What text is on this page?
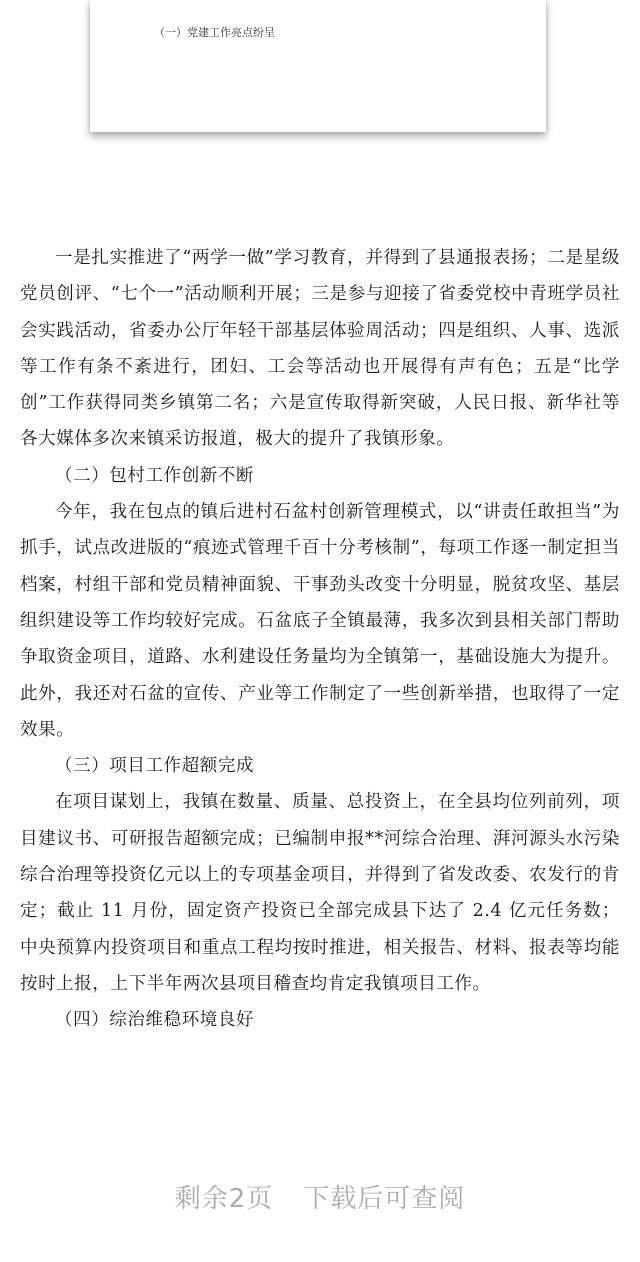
（一）党建工作亮点纷呈

一是扎实推进了“两学一做”学习教育，并得到了县通报表扬；二是星级党员创评、“七个一”活动顺利开展；三是参与迎接了省委党校中青班学员社会实践活动，省委办公厅年轻干部基层体验周活动；四是组织、人事、选派等工作有条不紊进行，团妇、工会等活动也开展得有声有色；五是“比学创”工作获得同类乡镇第二名；六是宣传取得新突破，人民日报、新华社等各大媒体多次来镇采访报道，极大的提升了我镇形象。

（二）包村工作创新不断

今年，我在包点的镇后进村石盆村创新管理模式，以“讲责任敢担当”为抓手，试点改进版的“痕迹式管理千百十分考核制”，每项工作逐一制定担当档案，村组干部和党员精神面貌、干事劲头改变十分明显，脱贫攻坚、基层组织建设等工作均较好完成。石盆底子全镇最薄，我多次到县相关部门帮助争取资金项目，道路、水利建设任务量均为全镇第一，基础设施大为提升。此外，我还对石盆的宣传、产业等工作制定了一些创新举措，也取得了一定效果。

（三）项目工作超额完成

在项目谋划上，我镇在数量、质量、总投资上，在全县均位列前列，项目建议书、可研报告超额完成；已编制申报**河综合治理、湃河源头水污染综合治理等投资亿元以上的专项基金项目，并得到了省发改委、农发行的肯定；截止 11 月份，固定资产投资已全部完成县下达了 2.4 亿元任务数；中央预算内投资项目和重点工程均按时推进，相关报告、材料、报表等均能按时上报，上下半年两次县项目稽查均肯定我镇项目工作。

（四）综治维稳环境良好

剩余2页 下载后可查阅
